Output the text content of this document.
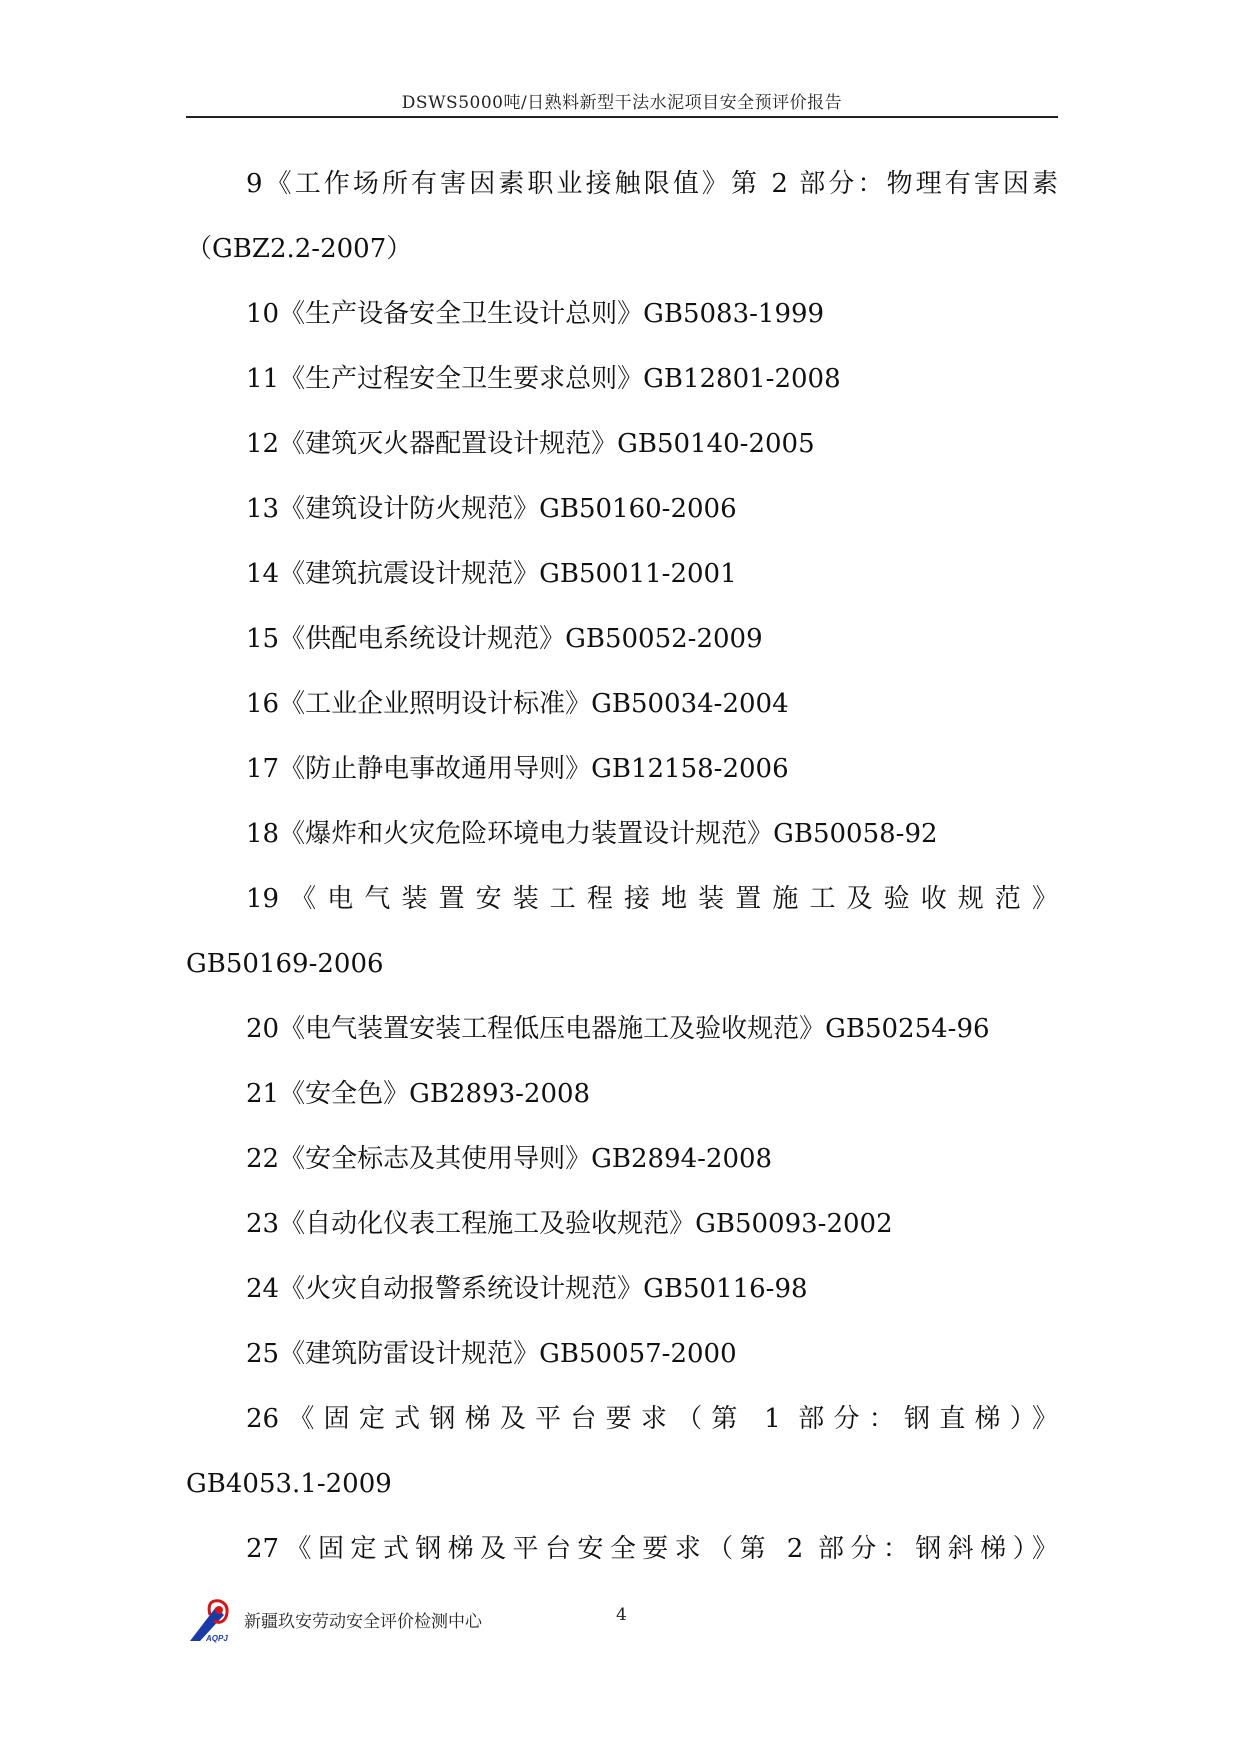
DSWS5000吨/日熟料新型干法水泥项目安全预评价报告

9《工作场所有害因素职业接触限值》第 2 部分：物理有害因素
（GBZ2.2-2007）

10《生产设备安全卫生设计总则》GB5083-1999

11《生产过程安全卫生要求总则》GB12801-2008

12《建筑灭火器配置设计规范》GB50140-2005

13《建筑设计防火规范》GB50160-2006

14《建筑抗震设计规范》GB50011-2001

15《供配电系统设计规范》GB50052-2009

16《工业企业照明设计标准》GB50034-2004

17《防止静电事故通用导则》GB12158-2006

18《爆炸和火灾危险环境电力装置设计规范》GB50058-92

19《电气装置安装工程接地装置施工及验收规范》
GB50169-2006

20《电气装置安装工程低压电器施工及验收规范》GB50254-96

21《安全色》GB2893-2008

22《安全标志及其使用导则》GB2894-2008

23《自动化仪表工程施工及验收规范》GB50093-2002

24《火灾自动报警系统设计规范》GB50116-98

25《建筑防雷设计规范》GB50057-2000

26《固定式钢梯及平台要求（第 1 部分：钢直梯）》
GB4053.1-2009

27《固定式钢梯及平台安全要求（第 2 部分：钢斜梯）》

AQPJ
新疆玖安劳动安全评价检测中心	4
